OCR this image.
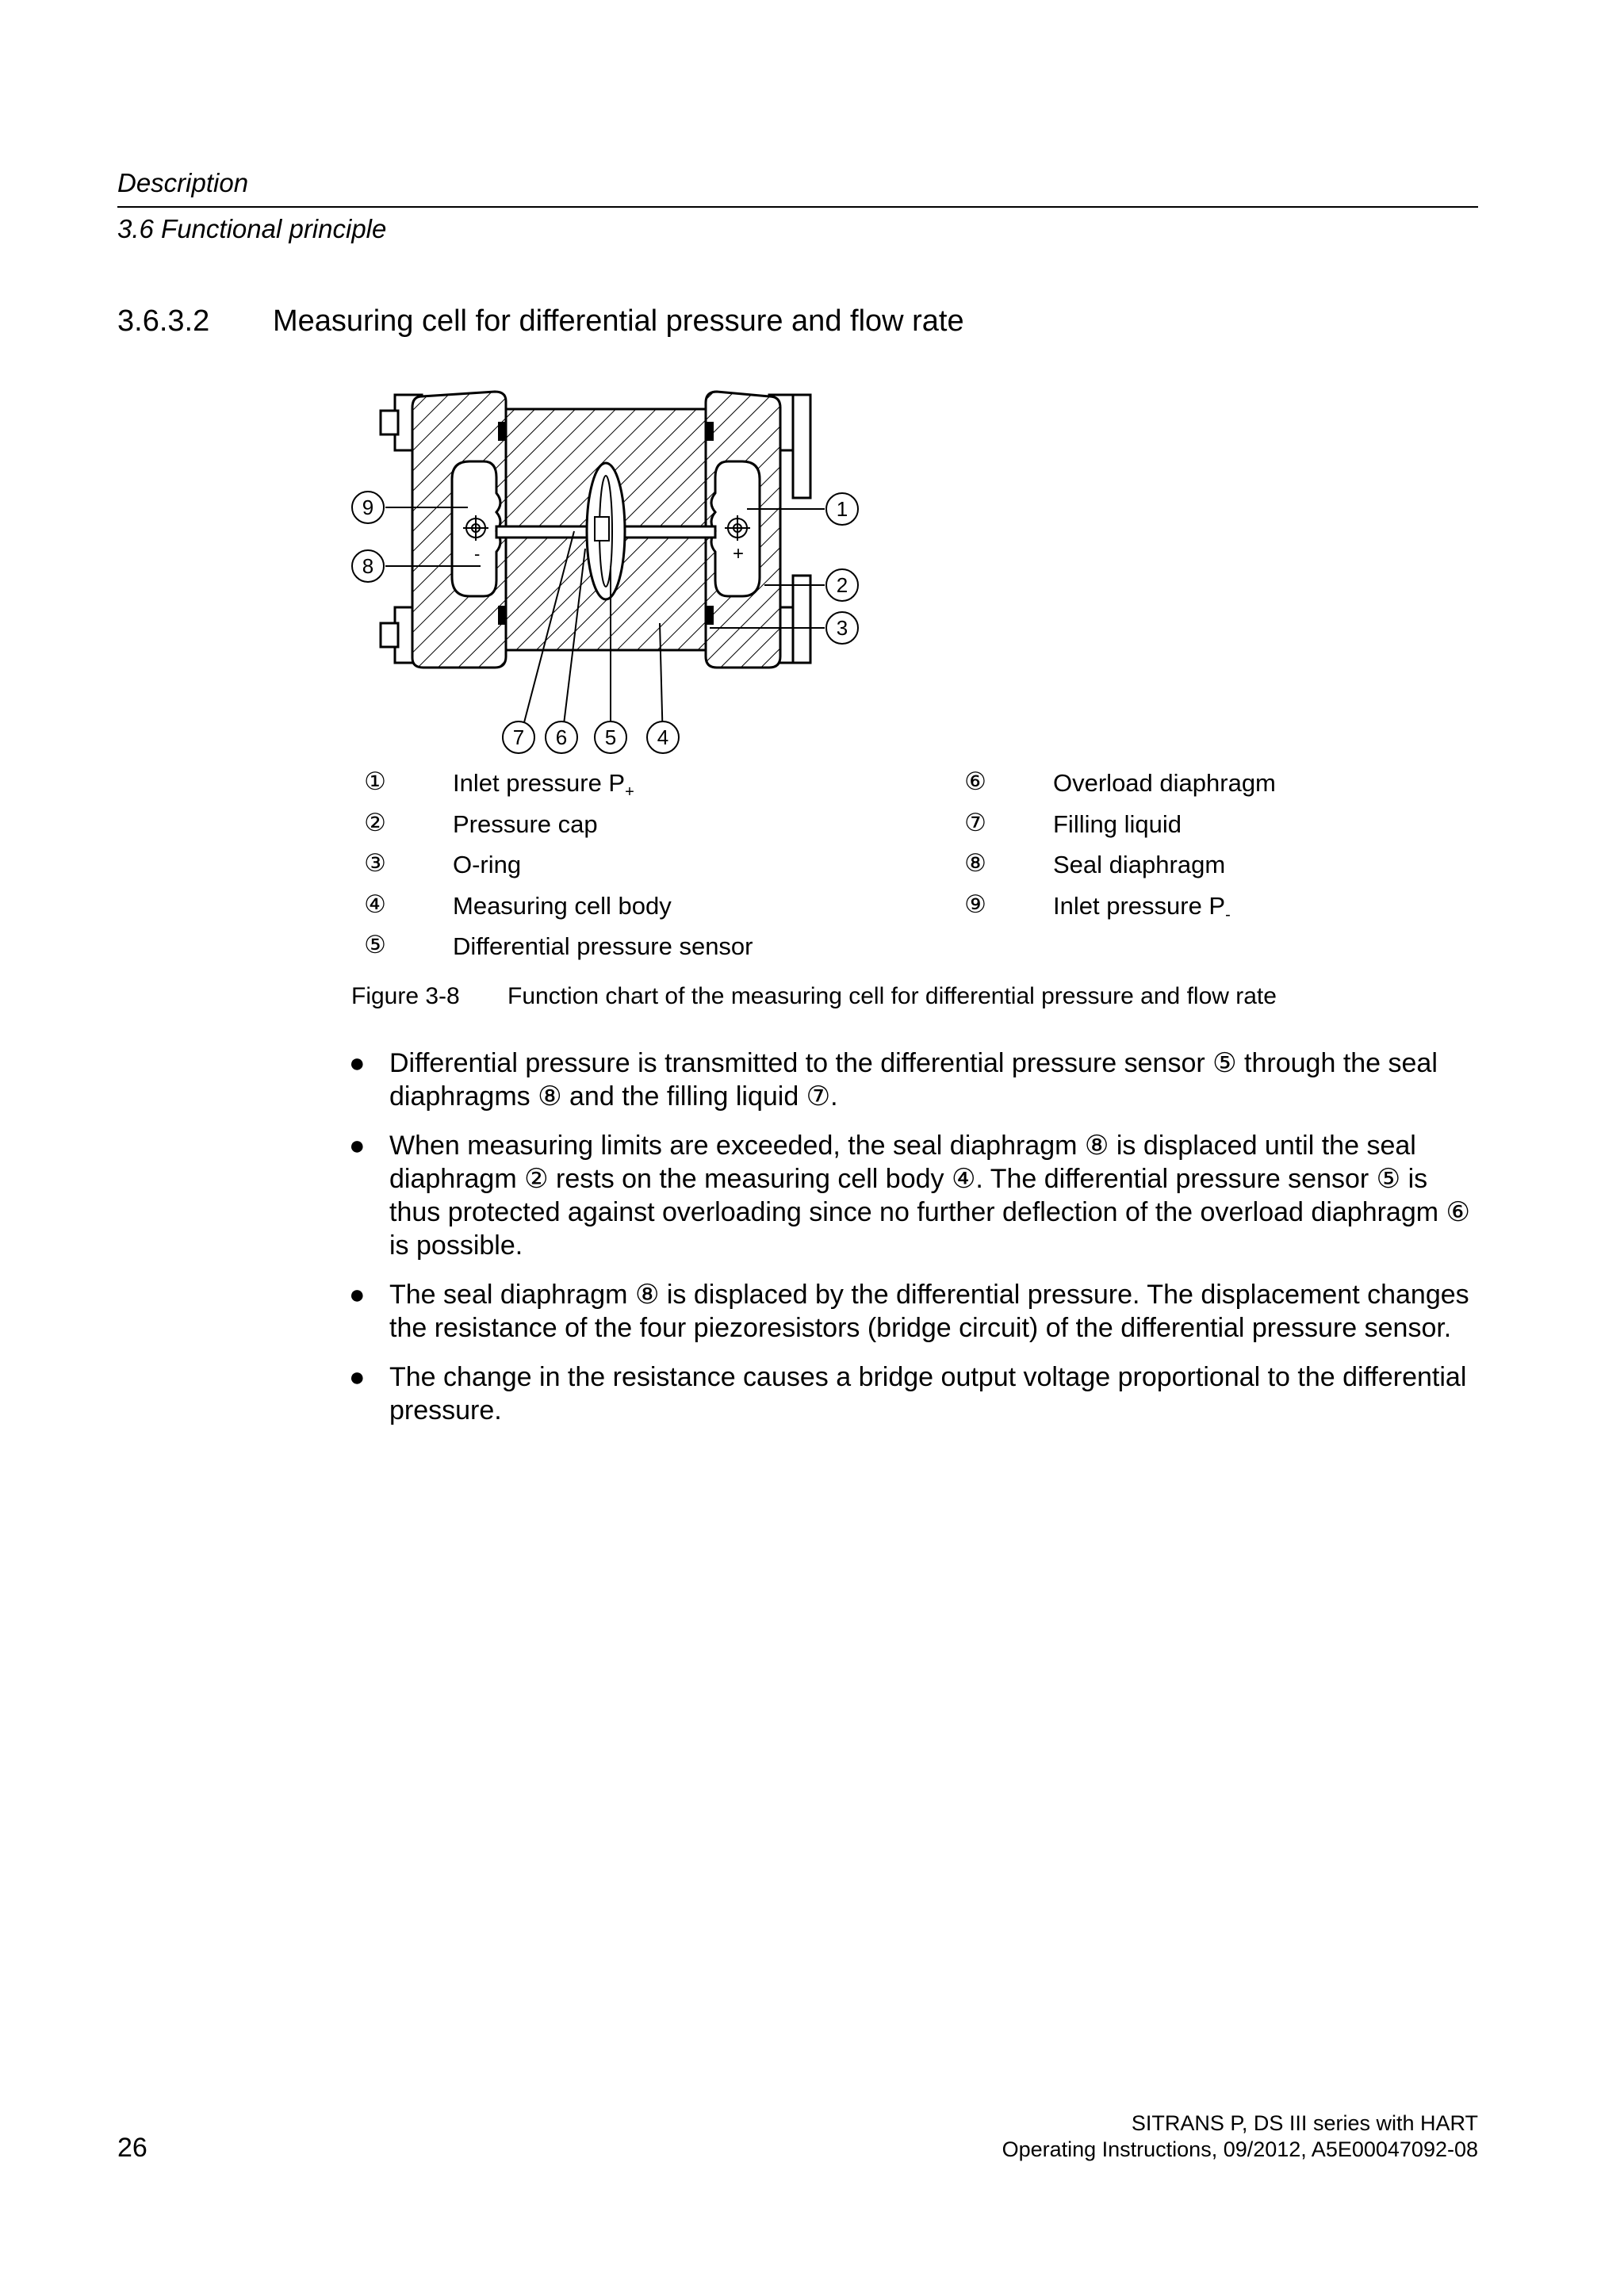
Description
3.6 Functional principle
3.6.3.2 Measuring cell for differential pressure and flow rate
-	+
9
8
1
2
3
7 6 5 4
①	Inlet pressure $P_+$
②	Pressure cap
③	O-ring
④	Measuring cell body
⑤	Differential pressure sensor
⑥	Overload diaphragm
⑦	Filling liquid
⑧	Seal diaphragm
⑨	Inlet pressure $P_-$
Figure 3-8 Function chart of the measuring cell for differential pressure and flow rate
● Differential pressure is transmitted to the differential pressure sensor ⑤ through the seal diaphragms ⑧ and the filling liquid ⑦.
● When measuring limits are exceeded, the seal diaphragm ⑧ is displaced until the seal diaphragm ② rests on the measuring cell body ④. The differential pressure sensor ⑤ is thus protected against overloading since no further deflection of the overload diaphragm ⑥ is possible.
● The seal diaphragm ⑧ is displaced by the differential pressure. The displacement changes the resistance of the four piezoresistors (bridge circuit) of the differential pressure sensor.
● The change in the resistance causes a bridge output voltage proportional to the differential pressure.
26
SITRANS P, DS III series with HART
Operating Instructions, 09/2012, A5E00047092-08
